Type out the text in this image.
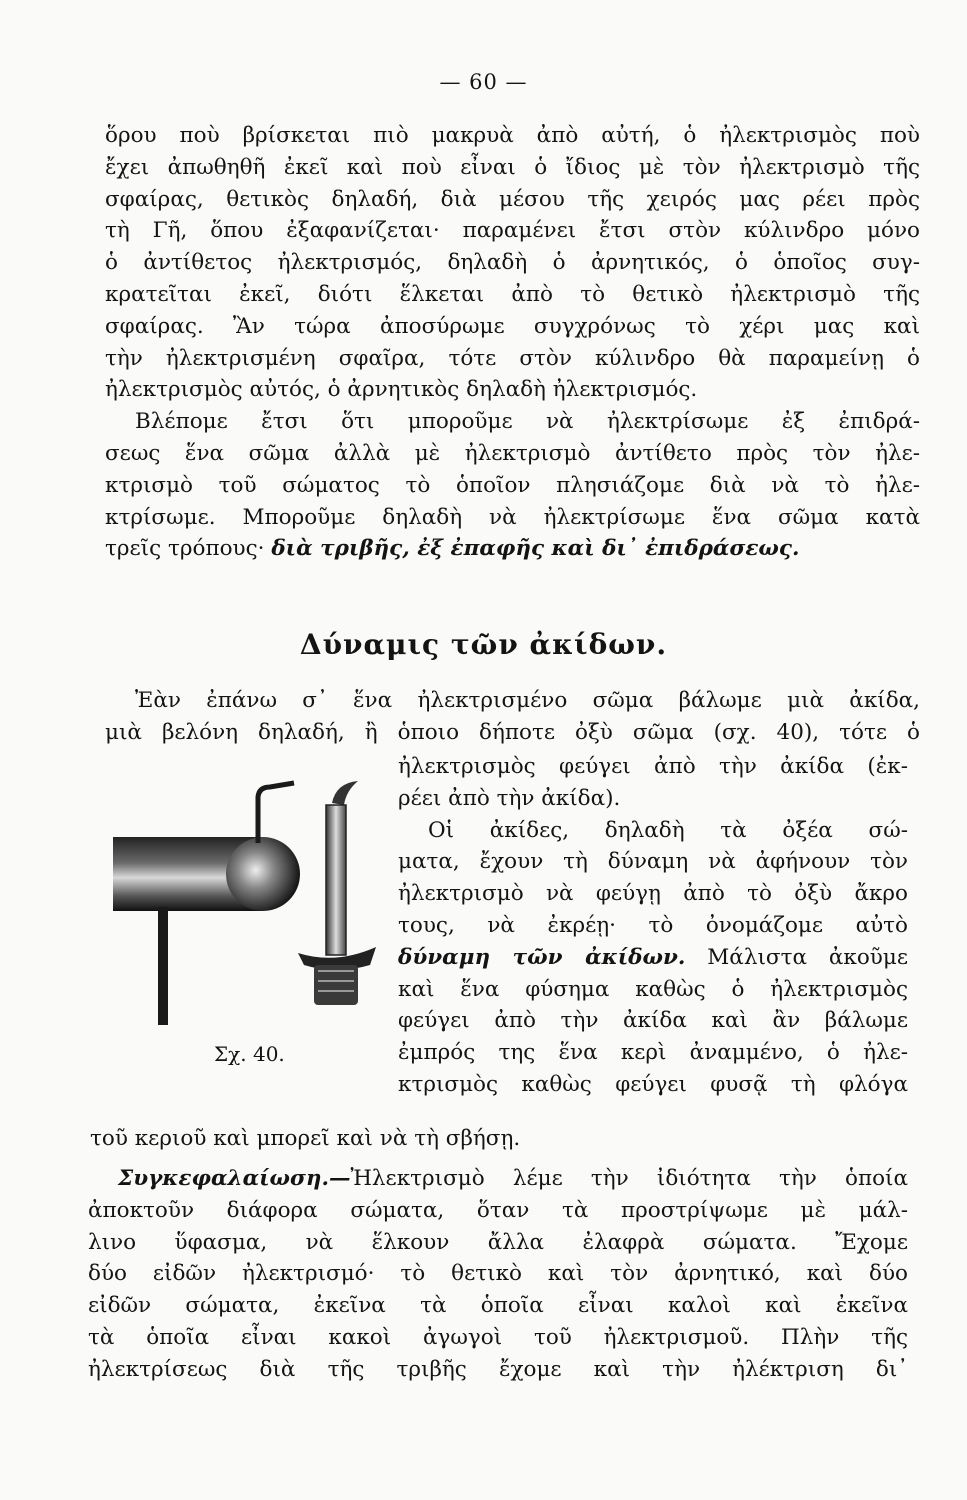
— 60 —
ὅρου ποὺ βρίσκεται πιὸ μακρυὰ ἀπὸ αὐτή, ὁ ἠλεκτρισμὸς ποὺ
ἔχει ἀπωθηθῆ ἐκεῖ καὶ ποὺ εἶναι ὁ ἴδιος μὲ τὸν ἠλεκτρισμὸ τῆς
σφαίρας, θετικὸς δηλαδή, διὰ μέσου τῆς χειρός μας ρέει πρὸς
τὴ Γῆ, ὅπου ἐξαφανίζεται· παραμένει ἔτσι στὸν κύλινδρο μόνο
ὁ ἀντίθετος ἠλεκτρισμός, δηλαδὴ ὁ ἀρνητικός, ὁ ὁποῖος συγ-
κρατεῖται ἐκεῖ, διότι ἕλκεται ἀπὸ τὸ θετικὸ ἠλεκτρισμὸ τῆς
σφαίρας. Ἂν τώρα ἀποσύρωμε συγχρόνως τὸ χέρι μας καὶ
τὴν ἠλεκτρισμένη σφαῖρα, τότε στὸν κύλινδρο θὰ παραμείνῃ ὁ
ἠλεκτρισμὸς αὐτός, ὁ ἀρνητικὸς δηλαδὴ ἠλεκτρισμός.
Βλέπομε ἔτσι ὅτι μποροῦμε νὰ ἠλεκτρίσωμε ἐξ ἐπιδρά-
σεως ἕνα σῶμα ἀλλὰ μὲ ἠλεκτρισμὸ ἀντίθετο πρὸς τὸν ἠλε-
κτρισμὸ τοῦ σώματος τὸ ὁποῖον πλησιάζομε διὰ νὰ τὸ ἠλε-
κτρίσωμε. Μποροῦμε δηλαδὴ νὰ ἠλεκτρίσωμε ἕνα σῶμα κατὰ
τρεῖς τρόπους· διὰ τριβῆς, ἐξ ἐπαφῆς καὶ δι᾽ ἐπιδράσεως.
Δύναμις τῶν ἀκίδων.
Ἐὰν ἐπάνω σ᾽ ἕνα ἠλεκτρισμένο σῶμα βάλωμε μιὰ ἀκίδα,
μιὰ βελόνη δηλαδή, ἢ ὁποιο δήποτε ὀξὺ σῶμα (σχ. 40), τότε ὁ
ἠλεκτρισμὸς φεύγει ἀπὸ τὴν ἀκίδα (ἐκ-
ρέει ἀπὸ τὴν ἀκίδα).
Οἱ ἀκίδες, δηλαδὴ τὰ ὀξέα σώ-
ματα, ἔχουν τὴ δύναμη νὰ ἀφήνουν τὸν
ἠλεκτρισμὸ νὰ φεύγῃ ἀπὸ τὸ ὀξὺ ἄκρο
τους, νὰ ἐκρέῃ· τὸ ὀνομάζομε αὐτὸ
δύναμη τῶν ἀκίδων. Μάλιστα ἀκοῦμε
καὶ ἕνα φύσημα καθὼς ὁ ἠλεκτρισμὸς
φεύγει ἀπὸ τὴν ἀκίδα καὶ ἂν βάλωμε
ἐμπρός της ἕνα κερὶ ἀναμμένο, ὁ ἠλε-
κτρισμὸς καθὼς φεύγει φυσᾷ τὴ φλόγα
τοῦ κεριοῦ καὶ μπορεῖ καὶ νὰ τὴ σβήσῃ.
Σχ. 40.
Συγκεφαλαίωση.—Ἠλεκτρισμὸ λέμε τὴν ἰδιότητα τὴν ὁποία
ἀποκτοῦν διάφορα σώματα, ὅταν τὰ προστρίψωμε μὲ μάλ-
λινο ὕφασμα, νὰ ἕλκουν ἄλλα ἐλαφρὰ σώματα. Ἔχομε
δύο εἰδῶν ἠλεκτρισμό· τὸ θετικὸ καὶ τὸν ἀρνητικό, καὶ δύο
εἰδῶν σώματα, ἐκεῖνα τὰ ὁποῖα εἶναι καλοὶ καὶ ἐκεῖνα
τὰ ὁποῖα εἶναι κακοὶ ἀγωγοὶ τοῦ ἠλεκτρισμοῦ. Πλὴν τῆς
ἠλεκτρίσεως διὰ τῆς τριβῆς ἔχομε καὶ τὴν ἠλέκτριση δι᾽
